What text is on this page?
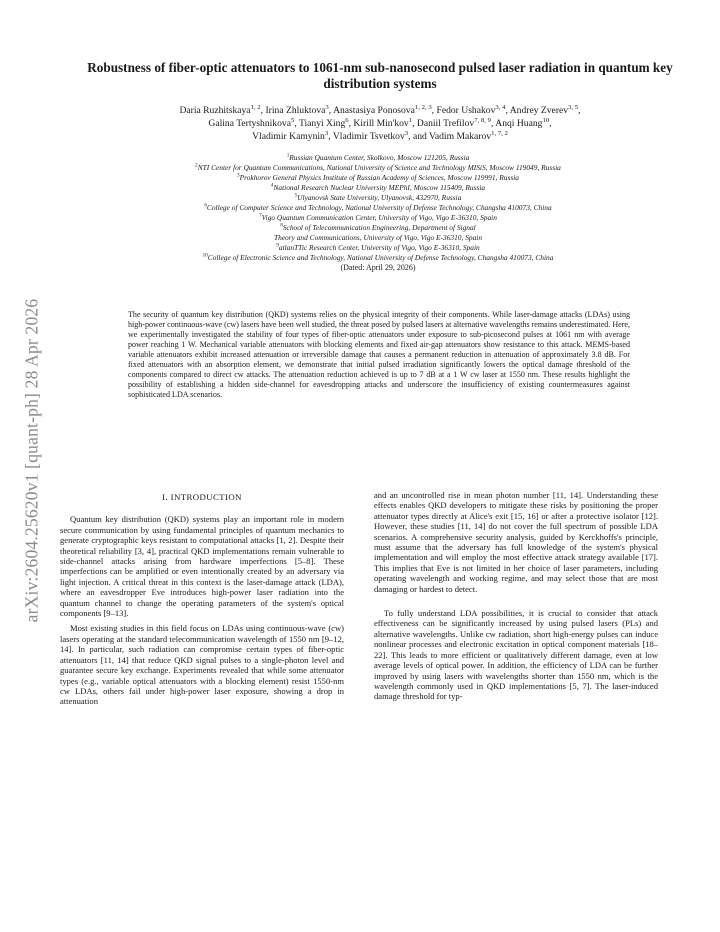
arXiv:2604.25620v1 [quant-ph] 28 Apr 2026
Robustness of fiber-optic attenuators to 1061-nm sub-nanosecond pulsed laser radiation in quantum key distribution systems
Daria Ruzhitskaya$^{1, 2}$, Irina Zhluktova$^3$, Anastasiya Ponosova$^{1, 2, 3}$, Fedor Ushakov$^{3, 4}$, Andrey Zverev$^{3, 5}$,
Galina Tertyshnikova$^5$, Tianyi Xing$^6$, Kirill Min'kov$^1$, Daniil Trefilov$^{7, 8, 9}$, Anqi Huang$^{10}$,
Vladimir Kamynin$^3$, Vladimir Tsvetkov$^3$, and Vadim Makarov$^{1, 7, 2}$
$^1$Russian Quantum Center, Skolkovo, Moscow 121205, Russia
$^2$NTI Center for Quantum Communications, National University of Science and Technology MISiS, Moscow 119049, Russia
$^3$Prokhorov General Physics Institute of Russian Academy of Sciences, Moscow 119991, Russia
$^4$National Research Nuclear University MEPhI, Moscow 115409, Russia
$^5$Ulyanovsk State University, Ulyanovsk, 432970, Russia
$^6$College of Computer Science and Technology, National University of Defense Technology, Changsha 410073, China
$^7$Vigo Quantum Communication Center, University of Vigo, Vigo E-36310, Spain
$^8$School of Telecommunication Engineering, Department of Signal
Theory and Communications, University of Vigo, Vigo E-36310, Spain
$^9$atlanTTic Research Center, University of Vigo, Vigo E-36310, Spain
$^{10}$College of Electronic Science and Technology, National University of Defense Technology, Changsha 410073, China
(Dated: April 29, 2026)

The security of quantum key distribution (QKD) systems relies on the physical integrity of their components. While laser-damage attacks (LDAs) using high-power continuous-wave (cw) lasers have been well studied, the threat posed by pulsed lasers at alternative wavelengths remains underestimated. Here, we experimentally investigated the stability of four types of fiber-optic attenuators under exposure to sub-picosecond pulses at 1061 nm with average power reaching 1 W. Mechanical variable attenuators with blocking elements and fixed air-gap attenuators show resistance to this attack. MEMS-based variable attenuators exhibit increased attenuation or irreversible damage that causes a permanent reduction in attenuation of approximately 3.8 dB. For fixed attenuators with an absorption element, we demonstrate that initial pulsed irradiation significantly lowers the optical damage threshold of the components compared to direct cw attacks. The attenuation reduction achieved is up to 7 dB at a 1 W cw laser at 1550 nm. These results highlight the possibility of establishing a hidden side-channel for eavesdropping attacks and underscore the insufficiency of existing countermeasures against sophisticated LDA scenarios.

I. INTRODUCTION

Quantum key distribution (QKD) systems play an important role in modern secure communication by using fundamental principles of quantum mechanics to generate cryptographic keys resistant to computational attacks [1, 2]. Despite their theoretical reliability [3, 4], practical QKD implementations remain vulnerable to side-channel attacks arising from hardware imperfections [5–8]. These imperfections can be amplified or even intentionally created by an adversary via light injection. A critical threat in this context is the laser-damage attack (LDA), where an eavesdropper Eve introduces high-power laser radiation into the quantum channel to change the operating parameters of the system's optical components [9–13].

Most existing studies in this field focus on LDAs using continuous-wave (cw) lasers operating at the standard telecommunication wavelength of 1550 nm [9–12, 14]. In particular, such radiation can compromise certain types of fiber-optic attenuators [11, 14] that reduce QKD signal pulses to a single-photon level and guarantee secure key exchange. Experiments revealed that while some attenuator types (e.g., variable optical attenuators with a blocking element) resist 1550-nm cw LDAs, others fail under high-power laser exposure, showing a drop in attenuation

and an uncontrolled rise in mean photon number [11, 14]. Understanding these effects enables QKD developers to mitigate these risks by positioning the proper attenuator types directly at Alice's exit [15, 16] or after a protective isolator [12]. However, these studies [11, 14] do not cover the full spectrum of possible LDA scenarios. A comprehensive security analysis, guided by Kerckhoffs's principle, must assume that the adversary has full knowledge of the system's physical implementation and will employ the most effective attack strategy available [17]. This implies that Eve is not limited in her choice of laser parameters, including operating wavelength and working regime, and may select those that are most damaging or hardest to detect.

To fully understand LDA possibilities, it is crucial to consider that attack effectiveness can be significantly increased by using pulsed lasers (PLs) and alternative wavelengths. Unlike cw radiation, short high-energy pulses can induce nonlinear processes and electronic excitation in optical component materials [18–22]. This leads to more efficient or qualitatively different damage, even at low average levels of optical power. In addition, the efficiency of LDA can be further improved by using lasers with wavelengths shorter than 1550 nm, which is the wavelength commonly used in QKD implementations [5, 7]. The laser-induced damage threshold for typ-
